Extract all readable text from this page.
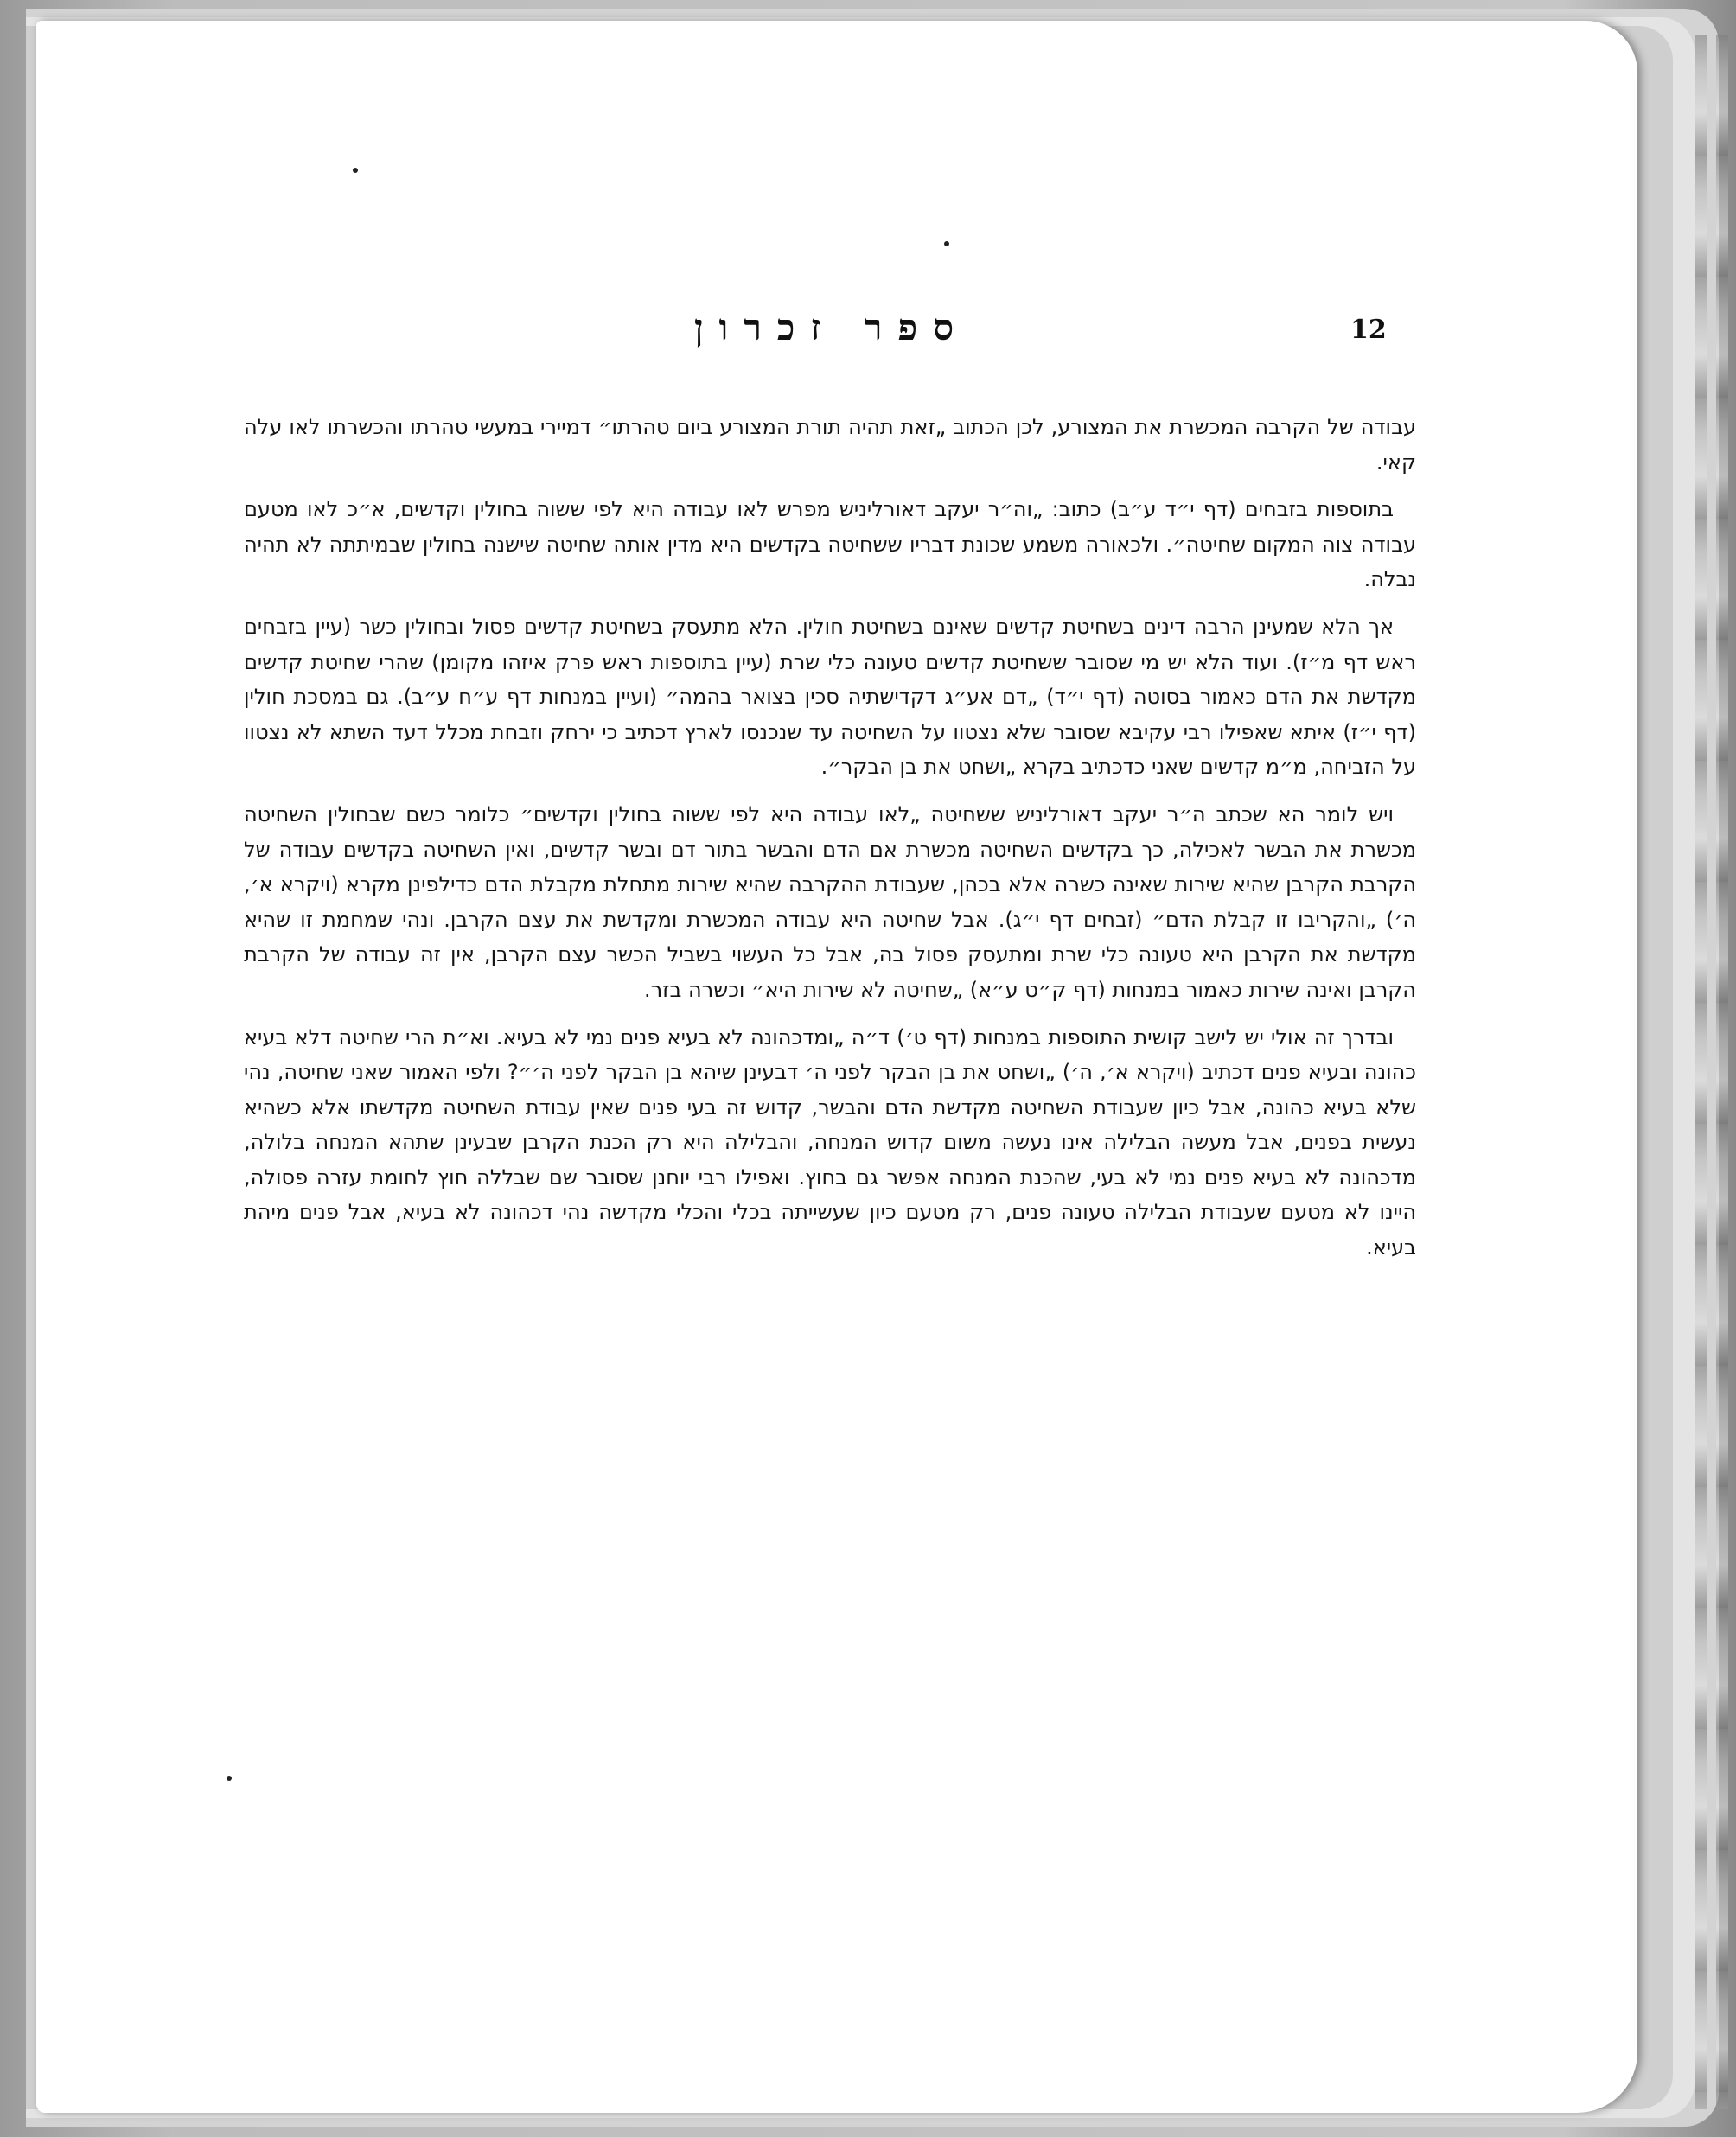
ספר זכרון	12

עבודה של הקרבה המכשרת את המצורע, לכן הכתוב „זאת תהיה תורת המצורע ביום טהרתו״ דמיירי במעשי טהרתו והכשרתו לאו עלה קאי.

בתוספות בזבחים (דף י״ד ע״ב) כתוב: „וה״ר יעקב דאורליניש מפרש לאו עבודה היא לפי ששוה בחולין וקדשים, א״כ לאו מטעם עבודה צוה המקום שחיטה״. ולכאורה משמע שכונת דבריו ששחיטה בקדשים היא מדין אותה שחיטה שישנה בחולין שבמיתתה לא תהיה נבלה.

אך הלא שמעינן הרבה דינים בשחיטת קדשים שאינם בשחיטת חולין. הלא מתעסק בשחיטת קדשים פסול ובחולין כשר (עיין בזבחים ראש דף מ״ז). ועוד הלא יש מי שסובר ששחיטת קדשים טעונה כלי שרת (עיין בתוספות ראש פרק איזהו מקומן) שהרי שחיטת קדשים מקדשת את הדם כאמור בסוטה (דף י״ד) „דם אע״ג דקדישתיה סכין בצואר בהמה״ (ועיין במנחות דף ע״ח ע״ב). גם במסכת חולין (דף י״ז) איתא שאפילו רבי עקיבא שסובר שלא נצטוו על השחיטה עד שנכנסו לארץ דכתיב כי ירחק וזבחת מכלל דעד השתא לא נצטוו על הזביחה, מ״מ קדשים שאני כדכתיב בקרא „ושחט את בן הבקר״.

ויש לומר הא שכתב ה״ר יעקב דאורליניש ששחיטה „לאו עבודה היא לפי ששוה בחולין וקדשים״ כלומר כשם שבחולין השחיטה מכשרת את הבשר לאכילה, כך בקדשים השחיטה מכשרת אם הדם והבשר בתור דם ובשר קדשים, ואין השחיטה בקדשים עבודה של הקרבת הקרבן שהיא שירות שאינה כשרה אלא בכהן, שעבודת ההקרבה שהיא שירות מתחלת מקבלת הדם כדילפינן מקרא (ויקרא א׳, ה׳) „והקריבו זו קבלת הדם״ (זבחים דף י״ג). אבל שחיטה היא עבודה המכשרת ומקדשת את עצם הקרבן. ונהי שמחמת זו שהיא מקדשת את הקרבן היא טעונה כלי שרת ומתעסק פסול בה, אבל כל העשוי בשביל הכשר עצם הקרבן, אין זה עבודה של הקרבת הקרבן ואינה שירות כאמור במנחות (דף ק״ט ע״א) „שחיטה לא שירות היא״ וכשרה בזר.

ובדרך זה אולי יש לישב קושית התוספות במנחות (דף ט׳) ד״ה „ומדכהונה לא בעיא פנים נמי לא בעיא. וא״ת הרי שחיטה דלא בעיא כהונה ובעיא פנים דכתיב (ויקרא א׳, ה׳) „ושחט את בן הבקר לפני ה׳ דבעינן שיהא בן הבקר לפני ה׳״? ולפי האמור שאני שחיטה, נהי שלא בעיא כהונה, אבל כיון שעבודת השחיטה מקדשת הדם והבשר, קדוש זה בעי פנים שאין עבודת השחיטה מקדשתו אלא כשהיא נעשית בפנים, אבל מעשה הבלילה אינו נעשה משום קדוש המנחה, והבלילה היא רק הכנת הקרבן שבעינן שתהא המנחה בלולה, מדכהונה לא בעיא פנים נמי לא בעי, שהכנת המנחה אפשר גם בחוץ. ואפילו רבי יוחנן שסובר שם שבללה חוץ לחומת עזרה פסולה, היינו לא מטעם שעבודת הבלילה טעונה פנים, רק מטעם כיון שעשייתה בכלי והכלי מקדשה נהי דכהונה לא בעיא, אבל פנים מיהת בעיא.
